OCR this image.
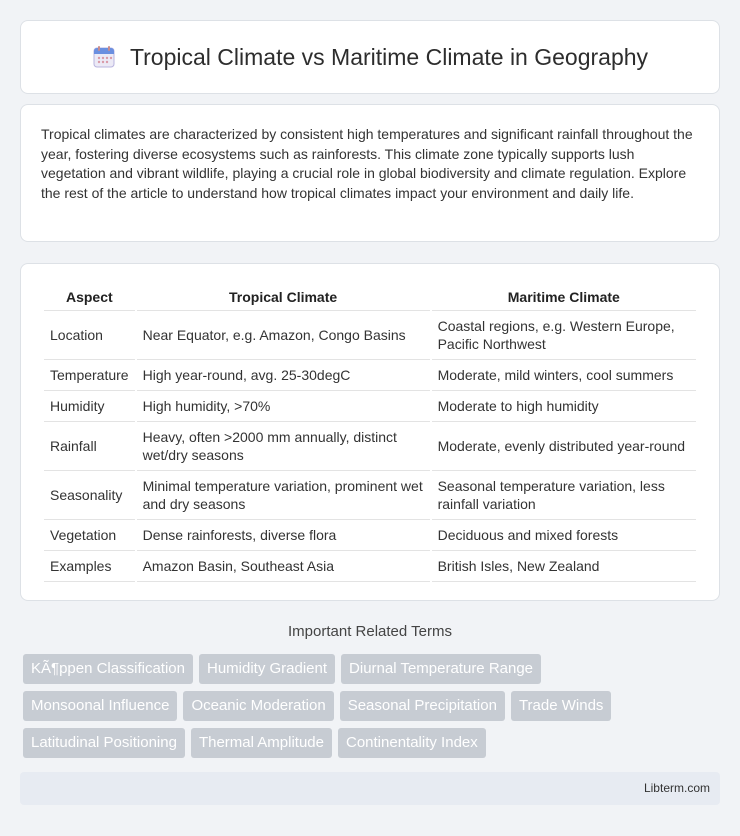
Tropical Climate vs Maritime Climate in Geography

Tropical climates are characterized by consistent high temperatures and significant rainfall throughout the year, fostering diverse ecosystems such as rainforests. This climate zone typically supports lush vegetation and vibrant wildlife, playing a crucial role in global biodiversity and climate regulation. Explore the rest of the article to understand how tropical climates impact your environment and daily life.

Aspect	Tropical Climate	Maritime Climate
Location	Near Equator, e.g. Amazon, Congo Basins	Coastal regions, e.g. Western Europe, Pacific Northwest
Temperature	High year-round, avg. 25-30degC	Moderate, mild winters, cool summers
Humidity	High humidity, >70%	Moderate to high humidity
Rainfall	Heavy, often >2000 mm annually, distinct wet/dry seasons	Moderate, evenly distributed year-round
Seasonality	Minimal temperature variation, prominent wet and dry seasons	Seasonal temperature variation, less rainfall variation
Vegetation	Dense rainforests, diverse flora	Deciduous and mixed forests
Examples	Amazon Basin, Southeast Asia	British Isles, New Zealand
Important Related Terms
KÃ¶ppen Classification	Humidity Gradient	Diurnal Temperature Range
Monsoonal Influence	Oceanic Moderation	Seasonal Precipitation	Trade Winds
Latitudinal Positioning	Thermal Amplitude	Continentality Index
Libterm.com
